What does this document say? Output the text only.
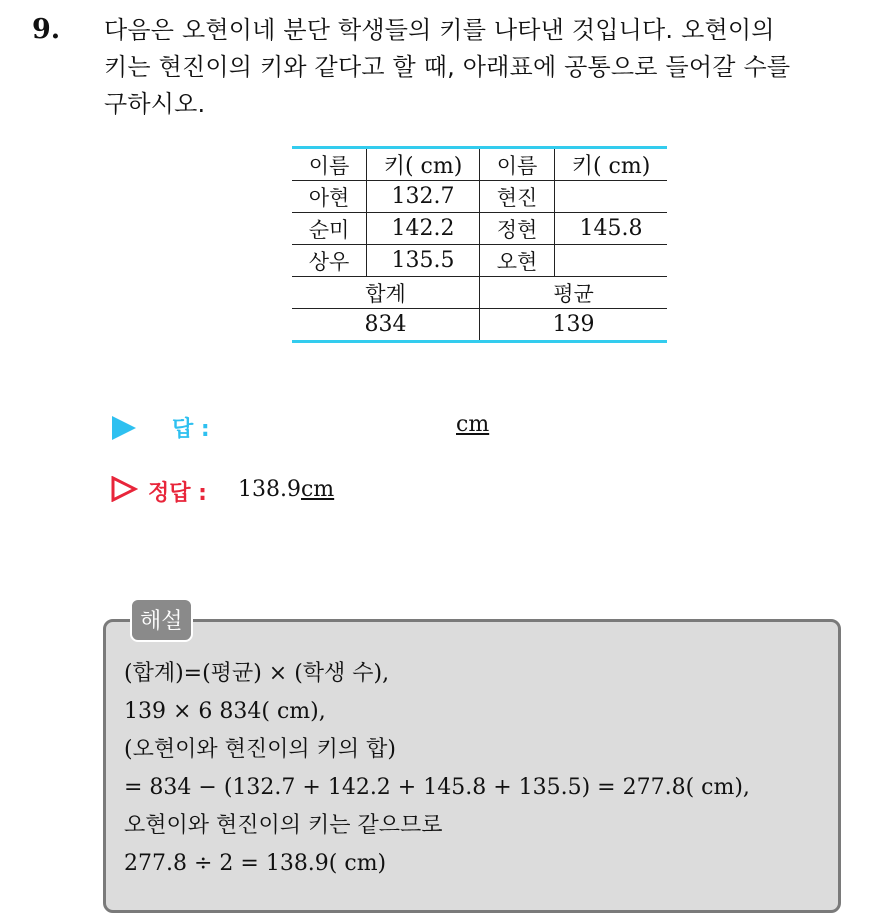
9. 다음은 오현이네 분단 학생들의 키를 나타낸 것입니다. 오현이의
키는 현진이의 키와 같다고 할 때, 아래표에 공통으로 들어갈 수를
구하시오.
이름	키( cm)	이름	키( cm)
아현	132.7	현진	
순미	142.2	정현	145.8
상우	135.5	오현	
합계		평균	
834		139	
답 :	cm
정답 : 138.9cm
해설
(합계)=(평균) × (학생 수),
139 × 6 834( cm),
(오현이와 현진이의 키의 합)
= 834 − (132.7 + 142.2 + 145.8 + 135.5) = 277.8( cm),
오현이와 현진이의 키는 같으므로
277.8 ÷ 2 = 138.9( cm)
